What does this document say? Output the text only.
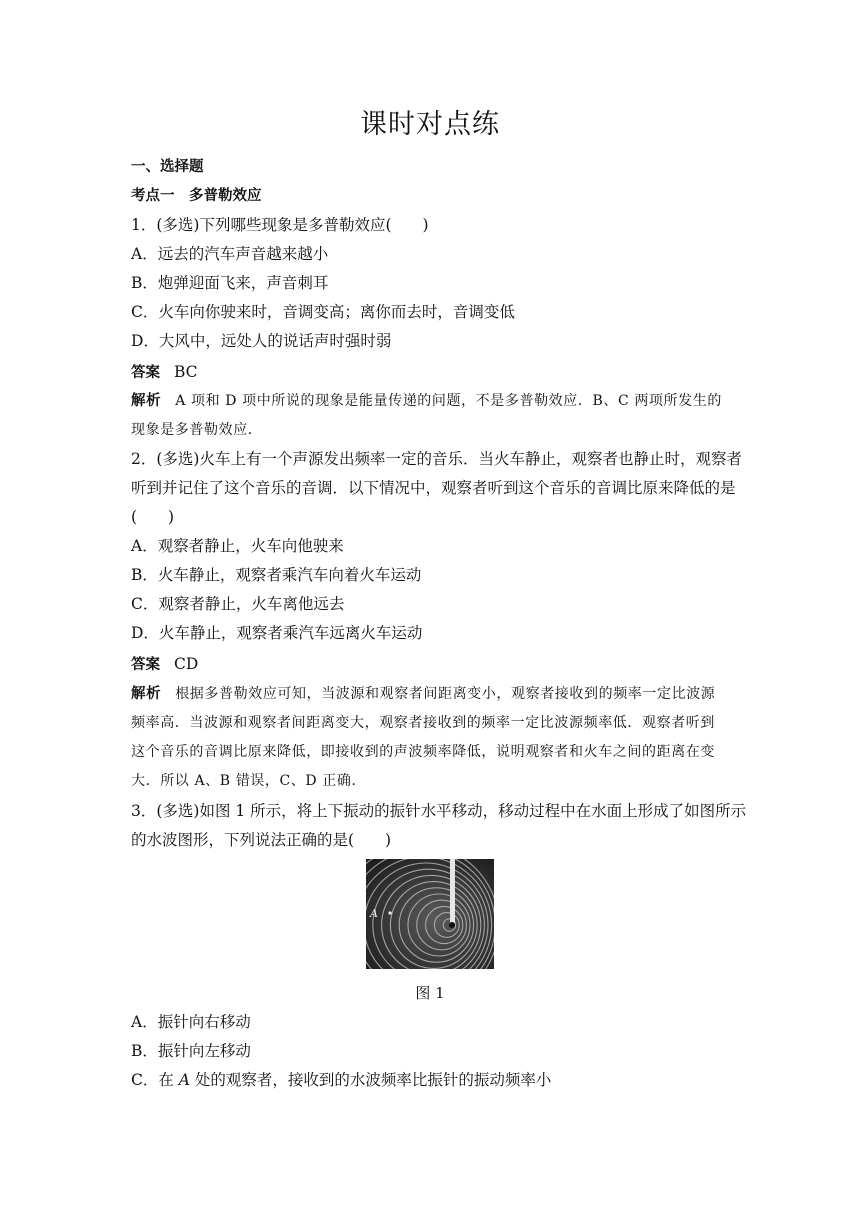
课时对点练
一、选择题
考点一　多普勒效应
1．(多选)下列哪些现象是多普勒效应(　　)
A．远去的汽车声音越来越小
B．炮弹迎面飞来，声音刺耳
C．火车向你驶来时，音调变高；离你而去时，音调变低
D．大风中，远处人的说话声时强时弱
答案 BC
解析 A 项和 D 项中所说的现象是能量传递的问题，不是多普勒效应．B、C 两项所发生的
现象是多普勒效应．
2．(多选)火车上有一个声源发出频率一定的音乐．当火车静止，观察者也静止时，观察者
听到并记住了这个音乐的音调．以下情况中，观察者听到这个音乐的音调比原来降低的是
(　　)
A．观察者静止，火车向他驶来
B．火车静止，观察者乘汽车向着火车运动
C．观察者静止，火车离他远去
D．火车静止，观察者乘汽车远离火车运动
答案 CD
解析 根据多普勒效应可知，当波源和观察者间距离变小，观察者接收到的频率一定比波源
频率高．当波源和观察者间距离变大，观察者接收到的频率一定比波源频率低．观察者听到
这个音乐的音调比原来降低，即接收到的声波频率降低，说明观察者和火车之间的距离在变
大．所以 A、B 错误，C、D 正确．
3．(多选)如图 1 所示，将上下振动的振针水平移动，移动过程中在水面上形成了如图所示
的水波图形，下列说法正确的是(　　)
A
图 1
A．振针向右移动
B．振针向左移动
C．在 A 处的观察者，接收到的水波频率比振针的振动频率小
